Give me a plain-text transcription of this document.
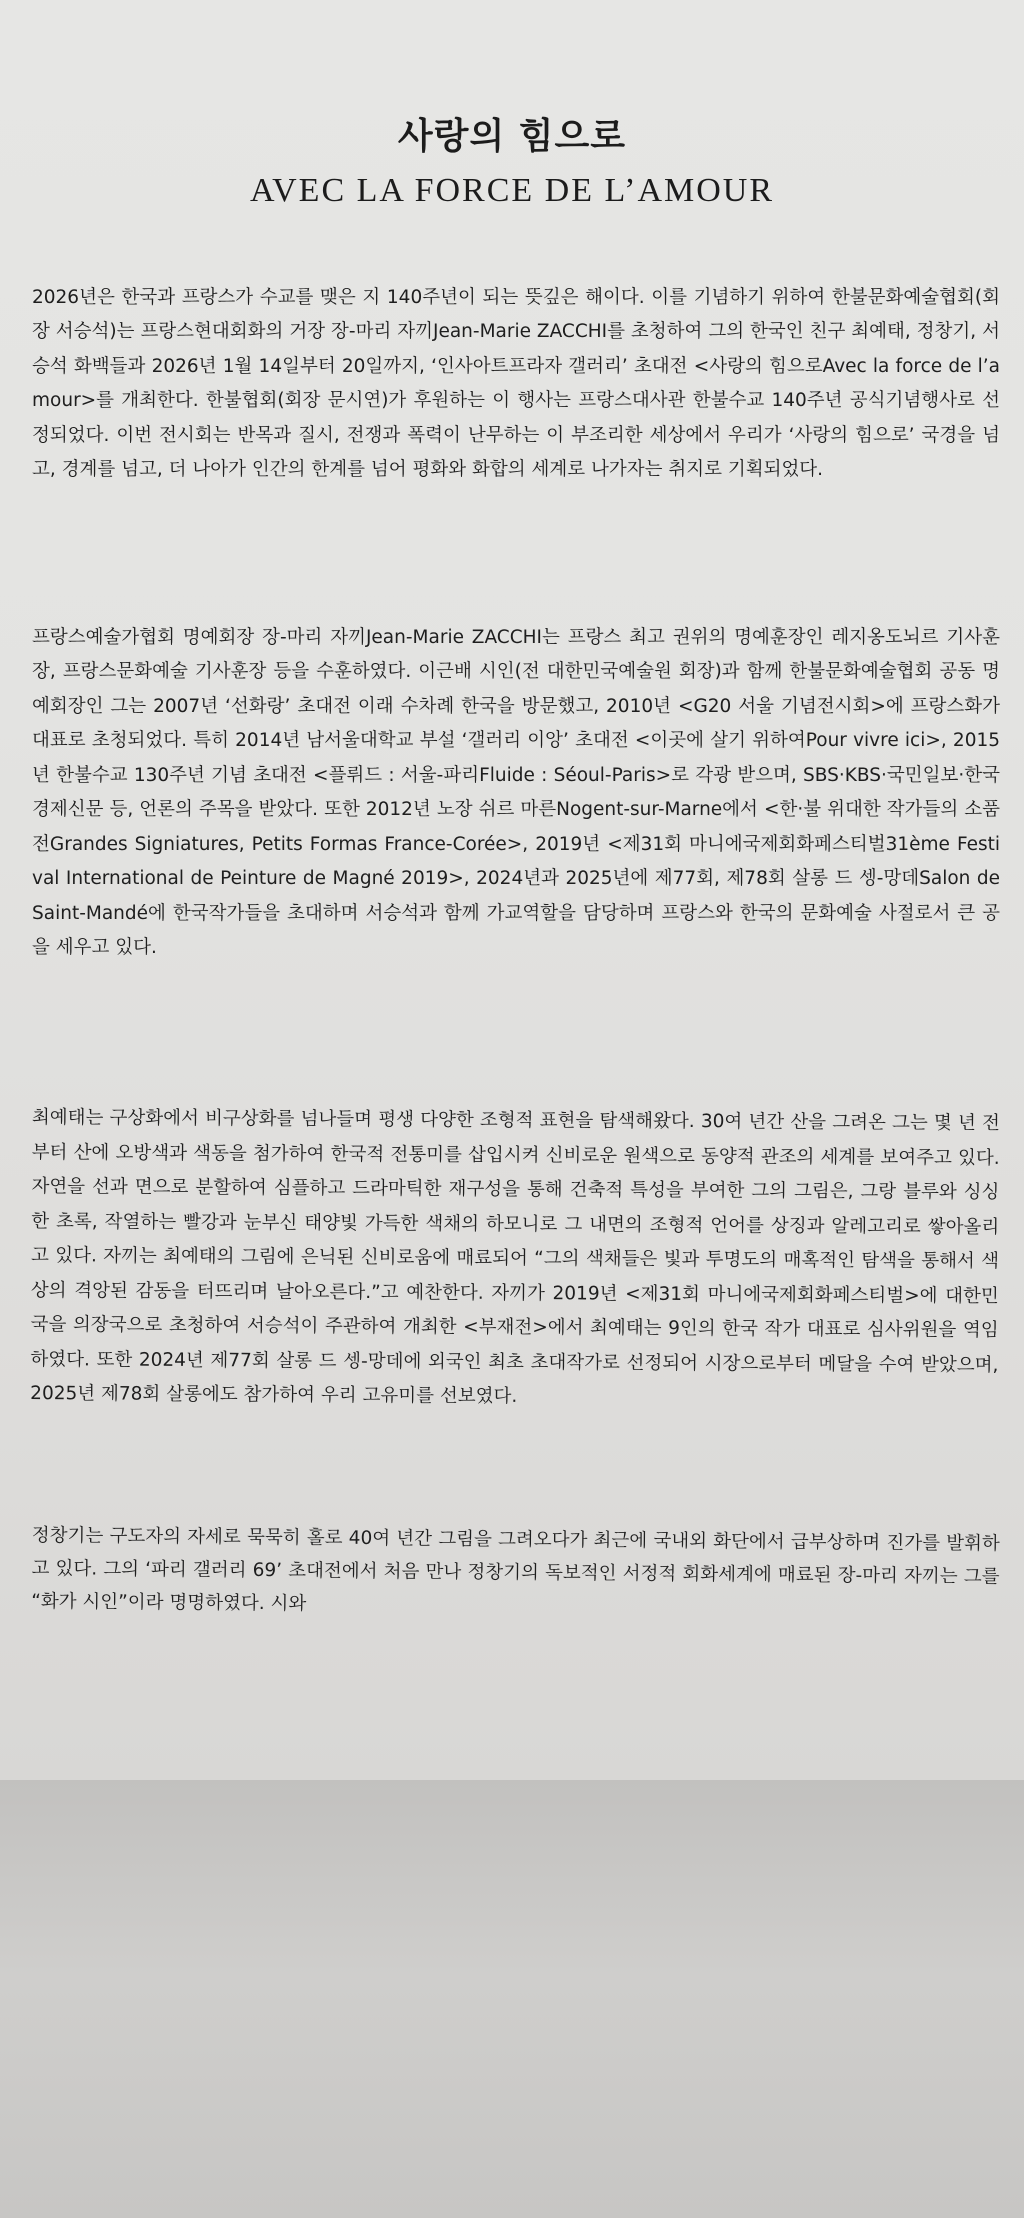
사랑의 힘으로
AVEC LA FORCE DE L’AMOUR

2026년은 한국과 프랑스가 수교를 맺은 지 140주년이 되는 뜻깊은 해이다. 이를 기념하기 위하여 한불문화예술협회(회장 서승석)는 프랑스현대회화의 거장 장-마리 자끼Jean-Marie ZACCHI를 초청하여 그의 한국인 친구 최예태, 정창기, 서승석 화백들과 2026년 1월 14일부터 20일까지, ‘인사아트프라자 갤러리’ 초대전 <사랑의 힘으로Avec la force de l’amour>를 개최한다. 한불협회(회장 문시연)가 후원하는 이 행사는 프랑스대사관 한불수교 140주년 공식기념행사로 선정되었다. 이번 전시회는 반목과 질시, 전쟁과 폭력이 난무하는 이 부조리한 세상에서 우리가 ‘사랑의 힘으로’ 국경을 넘고, 경계를 넘고, 더 나아가 인간의 한계를 넘어 평화와 화합의 세계로 나가자는 취지로 기획되었다.

프랑스예술가협회 명예회장 장-마리 자끼Jean-Marie ZACCHI는 프랑스 최고 권위의 명예훈장인 레지옹도뇌르 기사훈장, 프랑스문화예술 기사훈장 등을 수훈하였다. 이근배 시인(전 대한민국예술원 회장)과 함께 한불문화예술협회 공동 명예회장인 그는 2007년 ‘선화랑’ 초대전 이래 수차례 한국을 방문했고, 2010년 <G20 서울 기념전시회>에 프랑스화가 대표로 초청되었다. 특히 2014년 남서울대학교 부설 ‘갤러리 이앙’ 초대전 <이곳에 살기 위하여Pour vivre ici>, 2015년 한불수교 130주년 기념 초대전 <플뤼드 : 서울-파리Fluide : Séoul-Paris>로 각광 받으며, SBS·KBS·국민일보·한국경제신문 등, 언론의 주목을 받았다. 또한 2012년 노장 쉬르 마른Nogent-sur-Marne에서 <한·불 위대한 작가들의 소품전Grandes Signiatures, Petits Formas France-Corée>, 2019년 <제31회 마니에국제회화페스티벌31ème Festival International de Peinture de Magné 2019>, 2024년과 2025년에 제77회, 제78회 살롱 드 셍-망데Salon de Saint-Mandé에 한국작가들을 초대하며 서승석과 함께 가교역할을 담당하며 프랑스와 한국의 문화예술 사절로서 큰 공을 세우고 있다.

최예태는 구상화에서 비구상화를 넘나들며 평생 다양한 조형적 표현을 탐색해왔다. 30여 년간 산을 그려온 그는 몇 년 전부터 산에 오방색과 색동을 첨가하여 한국적 전통미를 삽입시켜 신비로운 원색으로 동양적 관조의 세계를 보여주고 있다. 자연을 선과 면으로 분할하여 심플하고 드라마틱한 재구성을 통해 건축적 특성을 부여한 그의 그림은, 그랑 블루와 싱싱한 초록, 작열하는 빨강과 눈부신 태양빛 가득한 색채의 하모니로 그 내면의 조형적 언어를 상징과 알레고리로 쌓아올리고 있다. 자끼는 최예태의 그림에 은닉된 신비로움에 매료되어 “그의 색채들은 빛과 투명도의 매혹적인 탐색을 통해서 색상의 격앙된 감동을 터뜨리며 날아오른다.”고 예찬한다. 자끼가 2019년 <제31회 마니에국제회화페스티벌>에 대한민국을 의장국으로 초청하여 서승석이 주관하여 개최한 <부재전>에서 최예태는 9인의 한국 작가 대표로 심사위원을 역임하였다. 또한 2024년 제77회 살롱 드 셍-망데에 외국인 최초 초대작가로 선정되어 시장으로부터 메달을 수여 받았으며, 2025년 제78회 살롱에도 참가하여 우리 고유미를 선보였다.

정창기는 구도자의 자세로 묵묵히 홀로 40여 년간 그림을 그려오다가 최근에 국내외 화단에서 급부상하며 진가를 발휘하고 있다. 그의 ‘파리 갤러리 69’ 초대전에서 처음 만나 정창기의 독보적인 서정적 회화세계에 매료된 장-마리 자끼는 그를 “화가 시인”이라 명명하였다. 시와
